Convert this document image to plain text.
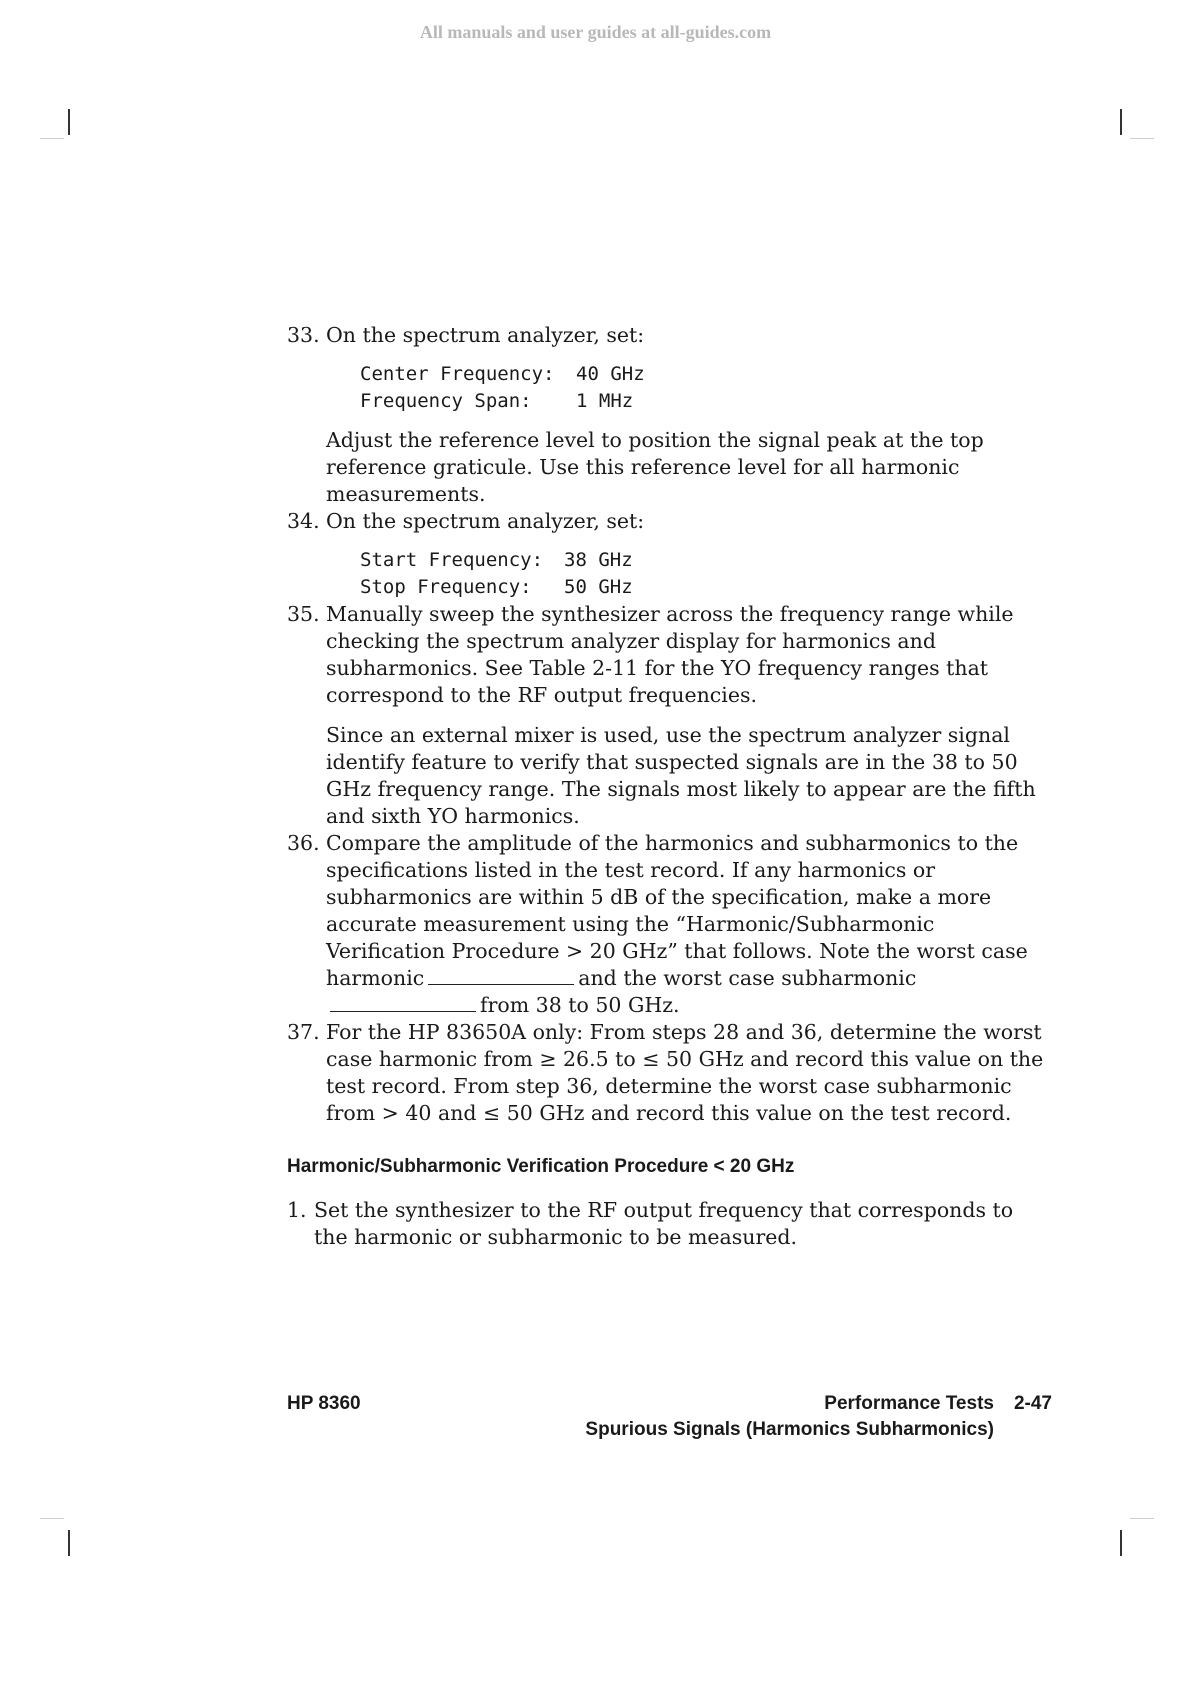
All manuals and user guides at all-guides.com
33. On the spectrum analyzer, set:

Center Frequency: 40 GHz
Frequency Span: 1 MHz

Adjust the reference level to position the signal peak at the top reference graticule. Use this reference level for all harmonic measurements.

34. On the spectrum analyzer, set:

Start Frequency: 38 GHz
Stop Frequency: 50 GHz
35. Manually sweep the synthesizer across the frequency range while checking the spectrum analyzer display for harmonics and subharmonics. See Table 2-11 for the YO frequency ranges that correspond to the RF output frequencies.

Since an external mixer is used, use the spectrum analyzer signal identify feature to verify that suspected signals are in the 38 to 50 GHz frequency range. The signals most likely to appear are the fifth and sixth YO harmonics.

36. Compare the amplitude of the harmonics and subharmonics to the specifications listed in the test record. If any harmonics or subharmonics are within 5 dB of the specification, make a more accurate measurement using the “Harmonic/Subharmonic Verification Procedure > 20 GHz” that follows. Note the worst case harmonic	and the worst case subharmonicfrom 38 to 50 GHz.

37. For the HP 83650A only: From steps 28 and 36, determine the worst case harmonic from ≥ 26.5 to ≤ 50 GHz and record this value on the test record. From step 36, determine the worst case subharmonic from > 40 and ≤ 50 GHz and record this value on the test record.

Harmonic/Subharmonic Verification Procedure < 20 GHz
1. Set the synthesizer to the RF output frequency that corresponds to the harmonic or subharmonic to be measured.

HP 8360	Performance Tests 2-47
Spurious Signals (Harmonics Subharmonics)
